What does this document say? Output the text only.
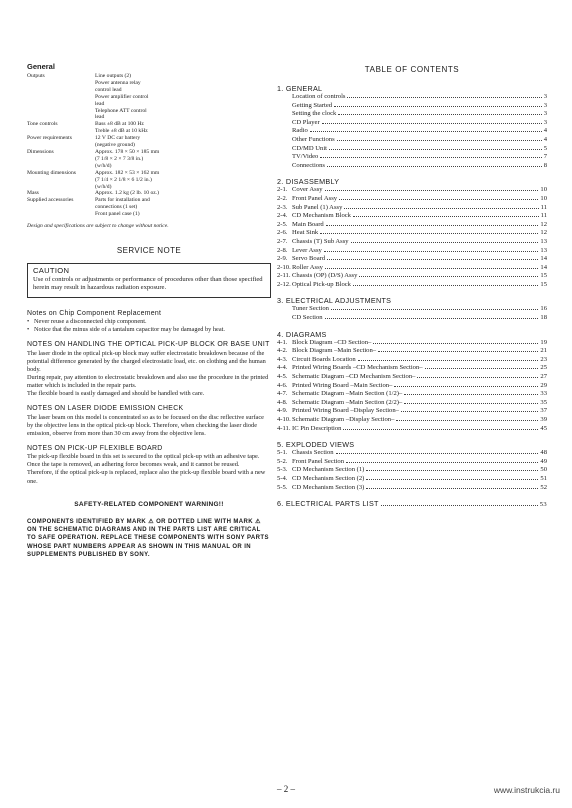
General
Outputs	Line outputs (2)
Power antenna relay
control lead
Power amplifier control
lead
Telephone ATT control
lead
Tone controls	Bass ±8 dB at 100 Hz
Treble ±8 dB at 10 kHz
Power requirements	12 V DC car battery
(negative ground)
Dimensions	Approx. 178 × 50 × 185 mm
(7 1/8 × 2 × 7 3/8 in.)
(w/h/d)
Mounting dimensions	Approx. 182 × 53 × 162 mm
(7 1/4 × 2 1/8 × 6 1/2 in.)
(w/h/d)
Mass	Approx. 1.2 kg (2 lb. 10 oz.)
Supplied accessories	Parts for installation and
connections (1 set)
Front panel case (1)
Design and specifications are subject to change without notice.
SERVICE NOTE
CAUTION
Use of controls or adjustments or performance of procedures other than those specified herein may result in hazardous radiation exposure.
Notes on Chip Component Replacement
• Never reuse a disconnected chip component.
• Notice that the minus side of a tantalum capacitor may be damaged by heat.
NOTES ON HANDLING THE OPTICAL PICK-UP BLOCK OR BASE UNIT
The laser diode in the optical pick-up block may suffer electrostatic breakdown because of the potential difference generated by the charged electrostatic load, etc. on clothing and the human body.
During repair, pay attention to electrostatic breakdown and also use the procedure in the printed matter which is included in the repair parts.
The flexible board is easily damaged and should be handled with care.
NOTES ON LASER DIODE EMISSION CHECK
The laser beam on this model is concentrated so as to be focused on the disc reflective surface by the objective lens in the optical pick-up block. Therefore, when checking the laser diode emission, observe from more than 30 cm away from the objective lens.
NOTES ON PICK-UP FLEXIBLE BOARD
The pick-up flexible board in this set is secured to the optical pick-up with an adhesive tape. Once the tape is removed, an adhering force becomes weak, and it cannot be reused.
Therefore, if the optical pick-up is replaced, replace also the pick-up flexible board with a new one.
SAFETY-RELATED COMPONENT WARNING!!
COMPONENTS IDENTIFIED BY MARK ⚠ OR DOTTED LINE WITH MARK ⚠ ON THE SCHEMATIC DIAGRAMS AND IN THE PARTS LIST ARE CRITICAL TO SAFE OPERATION. REPLACE THESE COMPONENTS WITH SONY PARTS WHOSE PART NUMBERS APPEAR AS SHOWN IN THIS MANUAL OR IN SUPPLEMENTS PUBLISHED BY SONY.
TABLE OF CONTENTS
1. GENERAL
Location of controls	3
Getting Started	3
Setting the clock	3
CD Player	3
Radio	4
Other Functions	4
CD/MD Unit	5
TV/Video	7
Connections	8
2. DISASSEMBLY
2-1. Cover Assy	10
2-2. Front Panel Assy	10
2-3. Sub Panel (1) Assy	11
2-4. CD Mechanism Block	11
2-5. Main Board	12
2-6. Heat Sink	12
2-7. Chassis (T) Sub Assy	13
2-8. Lever Assy	13
2-9. Servo Board	14
2-10. Roller Assy	14
2-11. Chassis (OP) (D/S) Assy	15
2-12. Optical Pick-up Block	15
3. ELECTRICAL ADJUSTMENTS
Tuner Section	16
CD Section	18
4. DIAGRAMS
4-1. Block Diagram –CD Section–	19
4-2. Block Diagram –Main Section–	21
4-3. Circuit Boards Location	23
4-4. Printed Wiring Boards –CD Mechanism Section–	25
4-5. Schematic Diagram –CD Mechanism Section–	27
4-6. Printed Wiring Board –Main Section–	29
4-7. Schematic Diagram –Main Section (1/2)–	33
4-8. Schematic Diagram –Main Section (2/2)–	35
4-9. Printed Wiring Board –Display Section–	37
4-10. Schematic Diagram –Display Section–	39
4-11. IC Pin Description	45
5. EXPLODED VIEWS
5-1. Chassis Section	48
5-2. Front Panel Section	49
5-3. CD Mechanism Section (1)	50
5-4. CD Mechanism Section (2)	51
5-5. CD Mechanism Section (3)	52
6. ELECTRICAL PARTS LIST	53
– 2 –	www.instrukcia.ru
